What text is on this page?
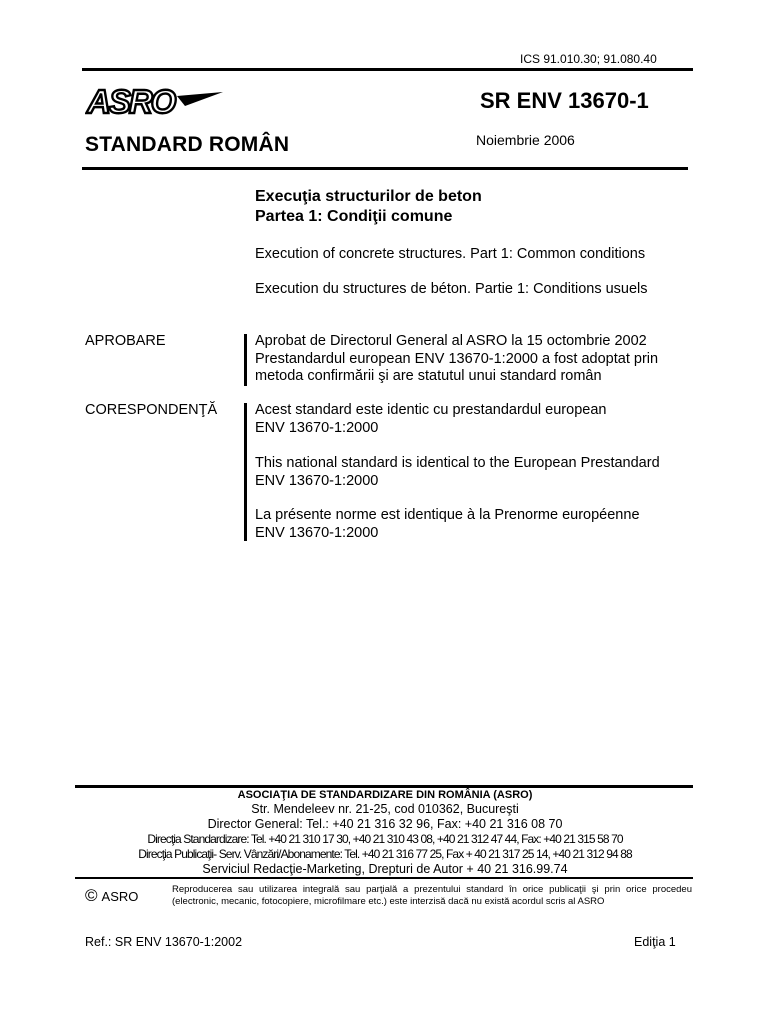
ICS 91.010.30; 91.080.40
ASRO	SR ENV 13670-1
STANDARD ROMÂN	Noiembrie 2006
Execuţia structurilor de beton
Partea 1: Condiţii comune
Execution of concrete structures. Part 1: Common conditions
Execution du structures de béton. Partie 1: Conditions usuels
APROBARE	Aprobat de Directorul General al ASRO la 15 octombrie 2002
Prestandardul european ENV 13670-1:2000 a fost adoptat prin
metoda confirmării şi are statutul unui standard român
CORESPONDENŢĂ	Acest standard este identic cu prestandardul european
ENV 13670-1:2000
This national standard is identical to the European Prestandard
ENV 13670-1:2000
La présente norme est identique à la Prenorme européenne
ENV 13670-1:2000
ASOCIAŢIA DE STANDARDIZARE DIN ROMÂNIA (ASRO)
Str. Mendeleev nr. 21-25, cod 010362, Bucureşti
Director General: Tel.: +40 21 316 32 96, Fax: +40 21 316 08 70
Direcţia Standardizare: Tel. +40 21 310 17 30, +40 21 310 43 08, +40 21 312 47 44, Fax: +40 21 315 58 70
Direcţia Publicaţii- Serv. Vânzări/Abonamente: Tel. +40 21 316 77 25, Fax + 40 21 317 25 14, +40 21 312 94 88
Serviciul Redacţie-Marketing, Drepturi de Autor + 40 21 316.99.74
© ASRO	Reproducerea sau utilizarea integrală sau parţială a prezentului standard în orice publicaţii şi prin orice procedeu (electronic, mecanic, fotocopiere, microfilmare etc.) este interzisă dacă nu există acordul scris al ASRO
Ref.: SR ENV 13670-1:2002	Ediţia 1
